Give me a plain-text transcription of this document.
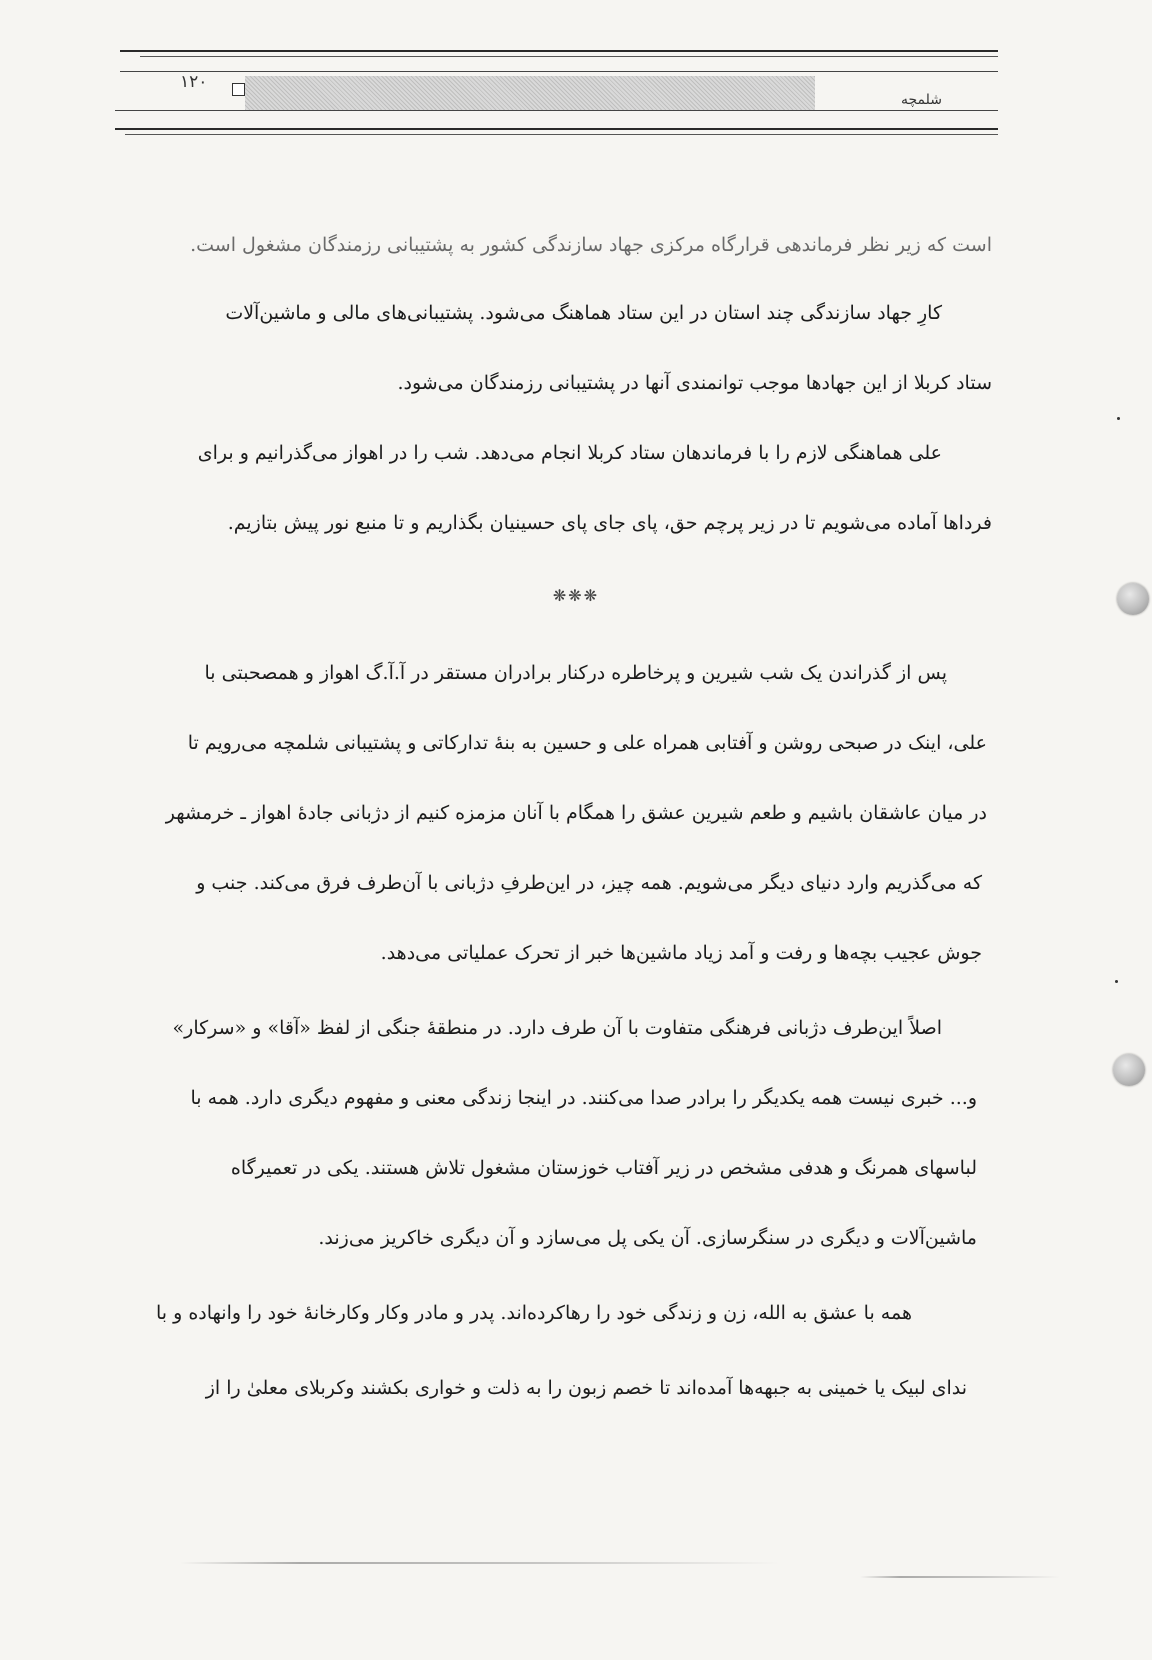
۱۲۰
شلمچه
است که زیر نظر فرماندهی قرارگاه مرکزی جهاد سازندگی کشور به پشتیبانی رزمندگان مشغول است.
کارِ جهاد سازندگی چند استان در این ستاد هماهنگ می‌شود. پشتیبانی‌های مالی و ماشین‌آلات
ستاد کربلا از این جهادها موجب توانمندی آنها در پشتیبانی رزمندگان می‌شود.
علی هماهنگی لازم را با فرماندهان ستاد کربلا انجام می‌دهد. شب را در اهواز می‌گذرانیم و برای
فرداها آماده می‌شویم تا در زیر پرچم حق، پای جای پای حسینیان بگذاریم و تا منبع نور پیش بتازیم.
❋❋❋
پس از گذراندن یک شب شیرین و پرخاطره درکنار برادران مستقر در آ.آ.گ اهواز و همصحبتی با
علی، اینک در صبحی روشن و آفتابی همراه علی و حسین به بنهٔ تدارکاتی و پشتیبانی شلمچه می‌رویم تا
در میان عاشقان باشیم و طعم شیرین عشق را همگام با آنان مزمزه کنیم از دژبانی جادهٔ اهواز ـ خرمشهر
که می‌گذریم وارد دنیای دیگر می‌شویم. همه چیز، در این‌طرفِ دژبانی با آن‌طرف فرق می‌کند. جنب و
جوش عجیب بچه‌ها و رفت و آمد زیاد ماشین‌ها خبر از تحرک عملیاتی می‌دهد.
اصلاً این‌طرف دژبانی فرهنگی متفاوت با آن طرف دارد. در منطقهٔ جنگی از لفظ «آقا» و «سرکار»
و... خبری نیست همه یکدیگر را برادر صدا می‌کنند. در اینجا زندگی معنی و مفهوم دیگری دارد. همه با
لباسهای همرنگ و هدفی مشخص در زیر آفتاب خوزستان مشغول تلاش هستند. یکی در تعمیرگاه
ماشین‌آلات و دیگری در سنگرسازی. آن یکی پل می‌سازد و آن دیگری خاکریز می‌زند.
همه با عشق به الله، زن و زندگی خود را رهاکرده‌اند. پدر و مادر وکار وکارخانهٔ خود را وانهاده و با
ندای لبیک یا خمینی به جبهه‌ها آمده‌اند تا خصم زبون را به ذلت و خواری بکشند وکربلای معلیٰ را از
